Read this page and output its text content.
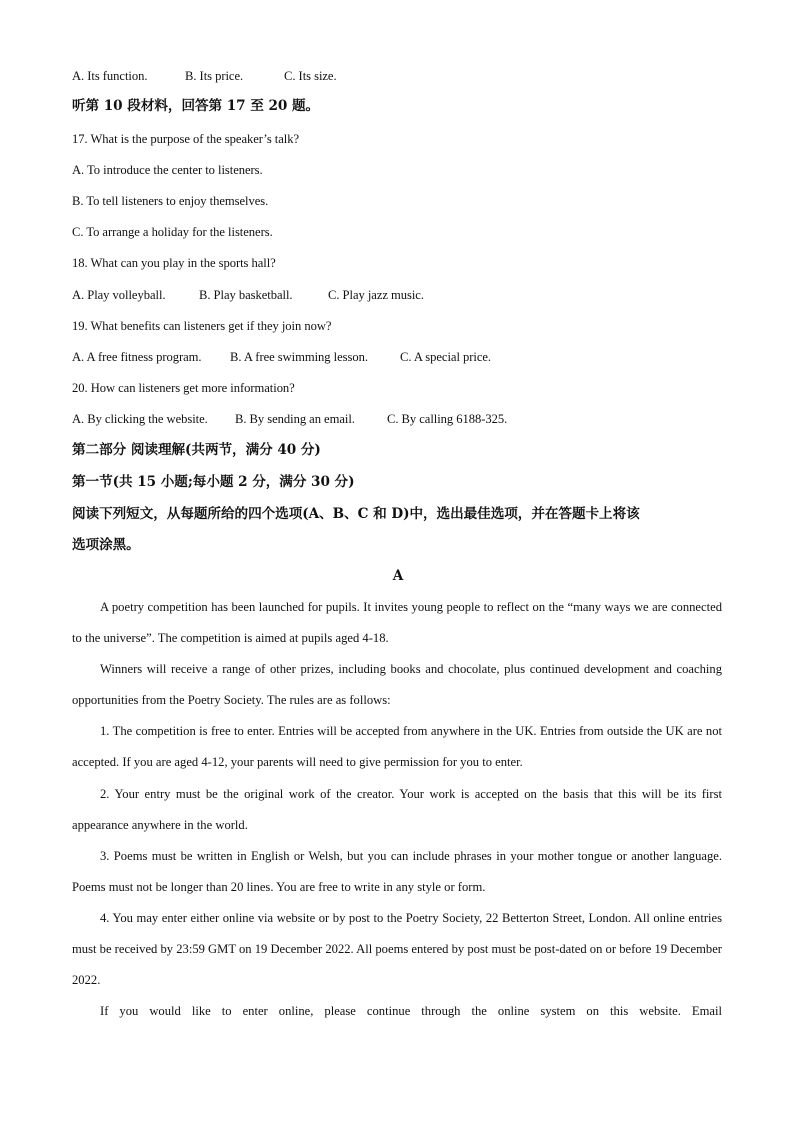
A. Its function.	B. Its price.	C. Its size.
听第 10 段材料，回答第 17 至 20 题。
17. What is the purpose of the speaker’s talk?
A. To introduce the center to listeners.
B. To tell listeners to enjoy themselves.
C. To arrange a holiday for the listeners.
18. What can you play in the sports hall?
A. Play volleyball.	B. Play basketball.	C. Play jazz music.
19. What benefits can listeners get if they join now?
A. A free fitness program. B. A free swimming lesson.	C. A special price.
20. How can listeners get more information?
A. By clicking the website. B. By sending an email.	C. By calling 6188-325.
第二部分 阅读理解(共两节，满分 40 分)
第一节(共 15 小题;每小题 2 分，满分 30 分)
阅读下列短文，从每题所给的四个选项(A、B、C 和 D)中，选出最佳选项，并在答题卡上将该
选项涂黑。
A
A poetry competition has been launched for pupils. It invites young people to reflect on the “many ways we are connected to the universe”. The competition is aimed at pupils aged 4-18.
Winners will receive a range of other prizes, including books and chocolate, plus continued development and coaching opportunities from the Poetry Society. The rules are as follows:
1. The competition is free to enter. Entries will be accepted from anywhere in the UK. Entries from outside the UK are not accepted. If you are aged 4-12, your parents will need to give permission for you to enter.
2. Your entry must be the original work of the creator. Your work is accepted on the basis that this will be its first appearance anywhere in the world.
3. Poems must be written in English or Welsh, but you can include phrases in your mother tongue or another language. Poems must not be longer than 20 lines. You are free to write in any style or form.
4. You may enter either online via website or by post to the Poetry Society, 22 Betterton Street, London. All online entries must be received by 23:59 GMT on 19 December 2022. All poems entered by post must be post-dated on or before 19 December 2022.
If you would like to enter online, please continue through the online system on this website. Email
